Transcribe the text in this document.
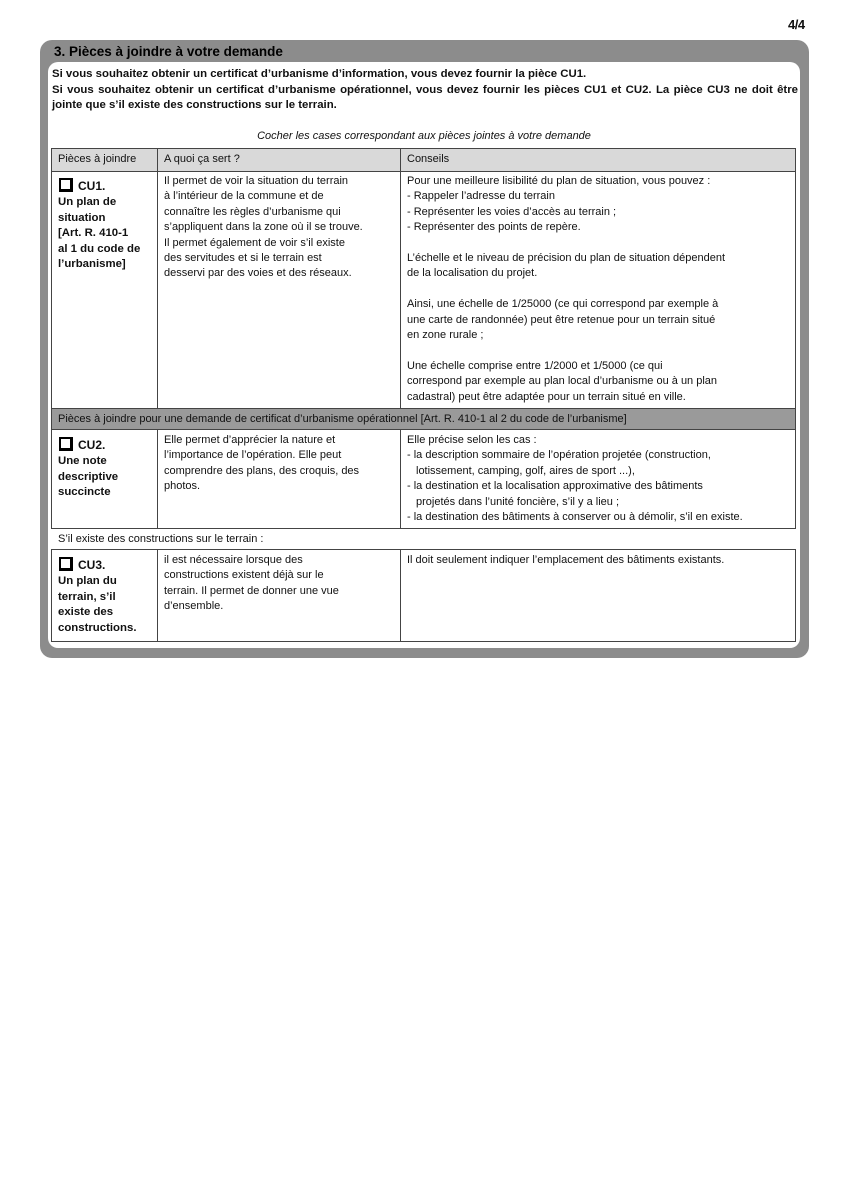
4/4
3. Pièces à joindre à votre demande

Si vous souhaitez obtenir un certificat d’urbanisme d’information, vous devez fournir la pièce CU1.

Si vous souhaitez obtenir un certificat d’urbanisme opérationnel, vous devez fournir les pièces CU1 et CU2. La pièce CU3 ne doit être jointe que s’il existe des constructions sur le terrain.

Cocher les cases correspondant aux pièces jointes à votre demande
Pièces à joindre	A quoi ça sert ?	Conseils
CU1.
Un plan de
situation
[Art. R. 410-1
al 1 du code de
l’urbanisme]
Il permet de voir la situation du terrain
à l’intérieur de la commune et de
connaître les règles d’urbanisme qui
s’appliquent dans la zone où il se trouve.
Il permet également de voir s’il existe
des servitudes et si le terrain est
desservi par des voies et des réseaux.
Pour une meilleure lisibilité du plan de situation, vous pouvez :
- Rappeler l’adresse du terrain
- Représenter les voies d’accès au terrain ;
- Représenter des points de repère.
L’échelle et le niveau de précision du plan de situation dépendent
de la localisation du projet.
Ainsi, une échelle de 1/25000 (ce qui correspond par exemple à
une carte de randonnée) peut être retenue pour un terrain situé
en zone rurale ;
Une échelle comprise entre 1/2000 et 1/5000 (ce qui
correspond par exemple au plan local d’urbanisme ou à un plan
cadastral) peut être adaptée pour un terrain situé en ville.
Pièces à joindre pour une demande de certificat d’urbanisme opérationnel [Art. R. 410-1 al 2 du code de l’urbanisme]
CU2.
Une note
descriptive
succincte
Elle permet d’apprécier la nature et
l’importance de l’opération. Elle peut
comprendre des plans, des croquis, des
photos.
Elle précise selon les cas :
- la description sommaire de l’opération projetée (construction,
lotissement, camping, golf, aires de sport ...),
- la destination et la localisation approximative des bâtiments
projetés dans l’unité foncière, s’il y a lieu ;
- la destination des bâtiments à conserver ou à démolir, s’il en existe.
S’il existe des constructions sur le terrain :
CU3.
Un plan du
terrain, s’il
existe des
constructions.
il est nécessaire lorsque des
constructions existent déjà sur le
terrain. Il permet de donner une vue
d’ensemble.
Il doit seulement indiquer l’emplacement des bâtiments existants.
